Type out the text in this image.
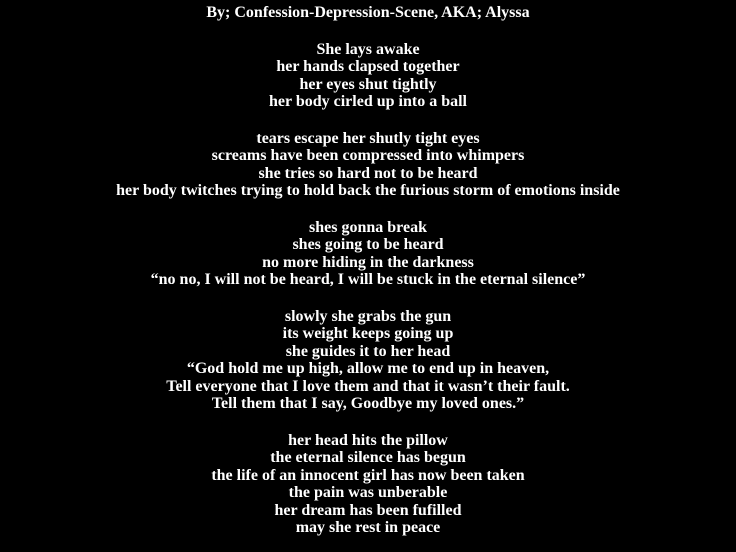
By; Confession-Depression-Scene, AKA; Alyssa
She lays awake
her hands clapsed together
her eyes shut tightly
her body cirled up into a ball
tears escape her shutly tight eyes
screams have been compressed into whimpers
she tries so hard not to be heard
her body twitches trying to hold back the furious storm of emotions inside
shes gonna break
shes going to be heard
no more hiding in the darkness
“no no, I will not be heard, I will be stuck in the eternal silence”
slowly she grabs the gun
its weight keeps going up
she guides it to her head
“God hold me up high, allow me to end up in heaven,
Tell everyone that I love them and that it wasn’t their fault.
Tell them that I say, Goodbye my loved ones.”
her head hits the pillow
the eternal silence has begun
the life of an innocent girl has now been taken
the pain was unberable
her dream has been fufilled
may she rest in peace
